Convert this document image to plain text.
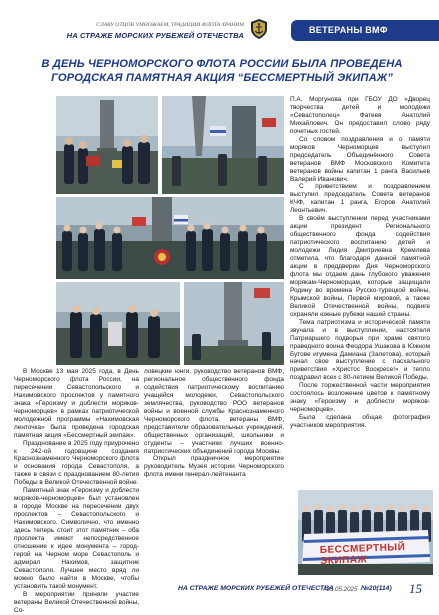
СЛАВУ ОТЦОВ УМНОЖАЕМ, ТРАДИЦИИ ФЛОТА ХРАНИМ
НА СТРАЖЕ МОРСКИХ РУБЕЖЕЙ ОТЕЧЕСТВА
ВЕТЕРАНЫ ВМФ
В ДЕНЬ ЧЕРНОМОРСКОГО ФЛОТА РОССИИ БЫЛА ПРОВЕДЕНА ГОРОДСКАЯ ПАМЯТНАЯ АКЦИЯ “БЕССМЕРТНЫЙ ЭКИПАЖ”
БЕССМЕРТНЫЙ ЭКИПАЖ

В Москве 13 мая 2025 года, в День Черноморского флота России, на пересечении Севастопольского и Нахимовского проспектов у памятного знака «Героизму и доблести моряков-черноморцев» в рамках патриотической молодежной программы «Нахимовская ленточка» была проведена городская памятная акция «Бессмертный экипаж».

Празднование в 2025 году приурочено к 242-ой годовщине создания Краснознаменного Черноморского флота и основания города Севастополя, а также в связи с празднованием 80-летия Победы в Великой Отечественной войне.

Памятный знак «Героизму и доблести моряков-черноморцев» был установлен в городе Москве на пересечении двух проспектов – Севастопольского и Нахимовского. Символично, что именно здесь теперь стоит этот памятник – оба проспекта имеют непосредственное отношение к идее монумента – город-герой на Черном море Севастополь и адмирал Нахимов, защитник Севастополя. Лучшее место вряд ли можно было найти в Москве, чтобы установить такой монумент.

В мероприятии приняли участие ветераны Великой Отечественной войны, Со-

ловецкие юнги, руководство ветеранов ВМФ, региональное общественного фонда содействия патриотическому воспитанию учащейся молодежи, Севастопольского землячества, руководство РОО ветеранов войны и военной службы Краснознаменного Черноморского флота, ветераны ВМФ, представители образовательных учреждений, общественных организаций, школьники и студенты – участники лучших военно-патриотических объединений города Москвы.

Открыл праздничное мероприятие руководитель Музея истории Черноморского флота имени генерал-лейтенанта

П.А. Моргунова при ГБОУ ДО «Дворец творчества детей и молодежи «Севастополец» Фатеев Анатолий Михайлович. Он предоставил слово ряду почетных гостей.

Со словом поздравления и о памяти моряков Черноморцев выступил председатель Объединённого Совета ветеранов ВМФ Московского Комитета ветеранов войны капитан 1 ранга Васильев Валерий Иванович.

С приветствием и поздравлением выступил председатель Совета ветеранов КЧФ, капитан 1 ранга, Егоров Анатолий Леонтьевич.

В своём выступлении перед участниками акции президент Регионального общественного фонда содействия патриотического воспитанию детей и молодежи Лидия Дмитриевна Кремлева отметила, что благодаря данной памятной акции в преддверии Дня Черноморского флота мы отдаем дань глубокого уважения морякам-Черноморцам, которые защищали Родину во времена Русско-турецкой войны, Крымской войны, Первой мировой, а также Великой Отечественной войны, подвиге охраняли южные рубежи нашей страны.

Тема патриотизма и исторической памяти звучала и в выступлении, настоятеля Патриаршего подворья при храме святого праведного воина Феодора Ушакова в Южном Бутове игумена Дамиана (Залетова), который начал свое выступление с пасхального приветствия «Христос Воскресе!» и тепло поздравил всех с 80-летием Великой Победы.

После торжественной части мероприятия состоялось возложение цветов к памятному знаку «Героизму и доблести моряков-черноморцев».

Была сделана общая фотография участников мероприятия.

НА СТРАЖЕ МОРСКИХ РУБЕЖЕЙ ОТЕЧЕСТВА
/ 23.05.2025 · №20(114) 15
